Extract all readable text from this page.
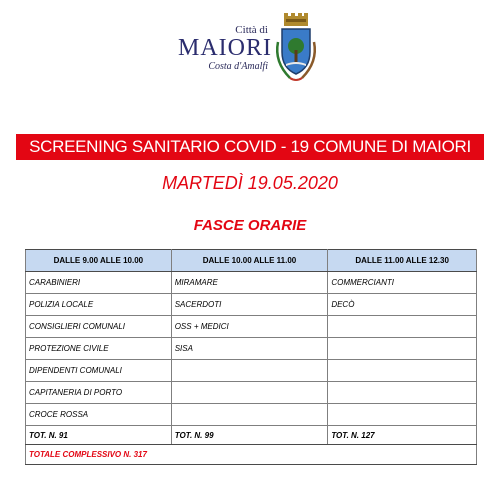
Città di
MAIORI
Costa d'Amalfi
SCREENING SANITARIO COVID - 19 COMUNE DI MAIORI
MARTEDÌ 19.05.2020
FASCE ORARIE
DALLE 9.00 ALLE 10.00	DALLE 10.00 ALLE 11.00	DALLE 11.00 ALLE 12.30
CARABINIERI	MIRAMARE	COMMERCIANTI
POLIZIA LOCALE	SACERDOTI	DECÒ
CONSIGLIERI COMUNALI	OSS + MEDICI	
PROTEZIONE CIVILE	SISA	
DIPENDENTI COMUNALI		
CAPITANERIA DI PORTO		
CROCE ROSSA		
TOT. N. 91	TOT. N. 99	TOT. N. 127
TOTALE COMPLESSIVO N. 317		
